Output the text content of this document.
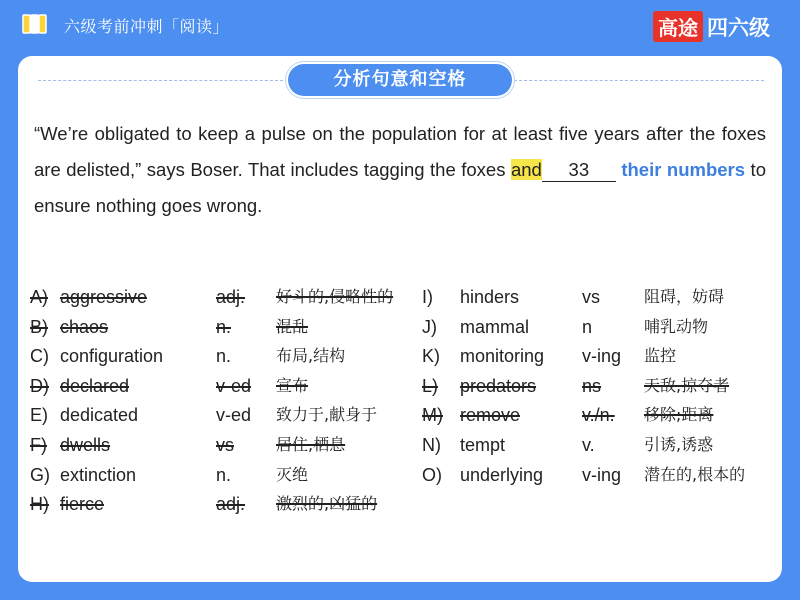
六级考前冲刺「阅读」	高途 四六级
分析句意和空格
“We’re obligated to keep a pulse on the population for at least five years after the foxes are delisted,” says Boser. That includes tagging the foxes and 33 their numbers to ensure nothing goes wrong.
A) aggressive	adj. 好斗的,侵略性的
B) chaos	n.	混乱
C) configuration	n.	布局,结构
D) declared	v-ed 宣布
E) dedicated	v-ed 致力于,献身于
F) dwells	vs	居住,栖息
G) extinction	n.	灭绝
H) fierce	adj. 激烈的,凶猛的
I) hinders	vs	阻碍，妨碍
J) mammal	n	哺乳动物
K) monitoring v-ing 监控
L) predators	ns	天敌,掠夺者
M) remove	v./n. 移除;距离
N) tempt	v.	引诱,诱惑
O) underlying v-ing 潜在的,根本的
